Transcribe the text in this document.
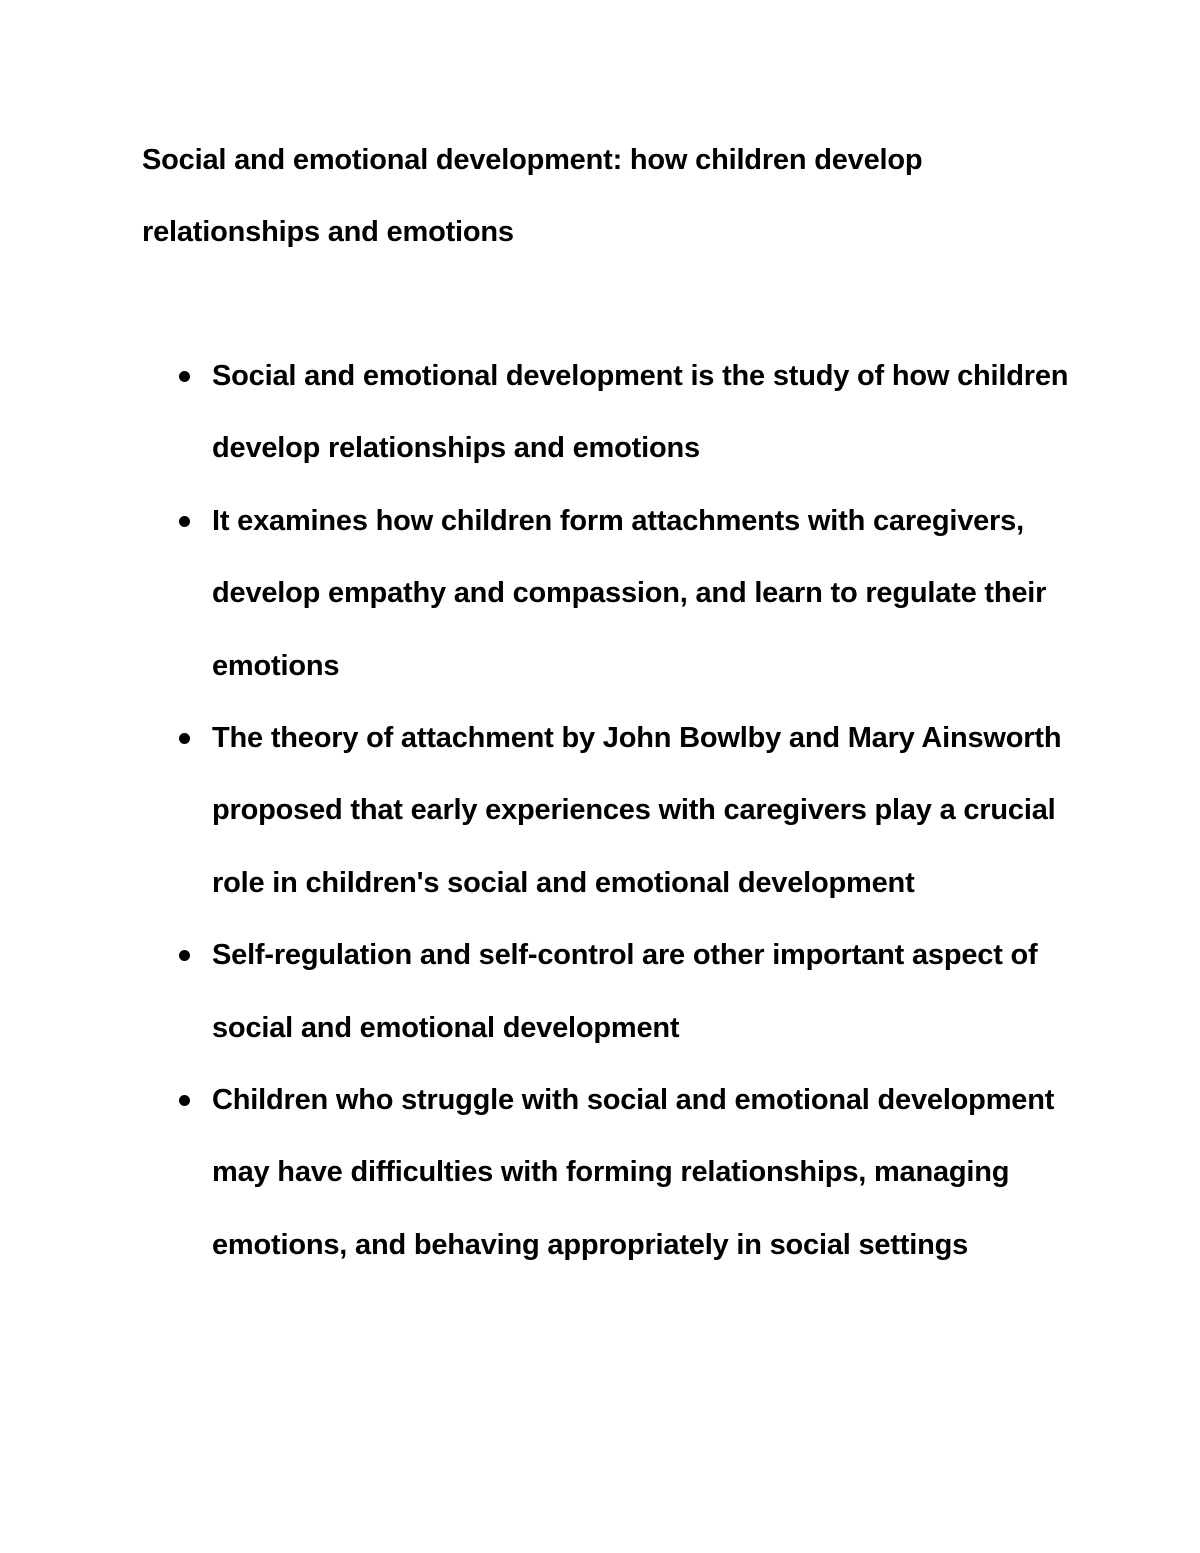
Social and emotional development: how children develop relationships and emotions
Social and emotional development is the study of how children develop relationships and emotions
It examines how children form attachments with caregivers, develop empathy and compassion, and learn to regulate their emotions
The theory of attachment by John Bowlby and Mary Ainsworth proposed that early experiences with caregivers play a crucial role in children's social and emotional development
Self-regulation and self-control are other important aspect of social and emotional development
Children who struggle with social and emotional development may have difficulties with forming relationships, managing emotions, and behaving appropriately in social settings
